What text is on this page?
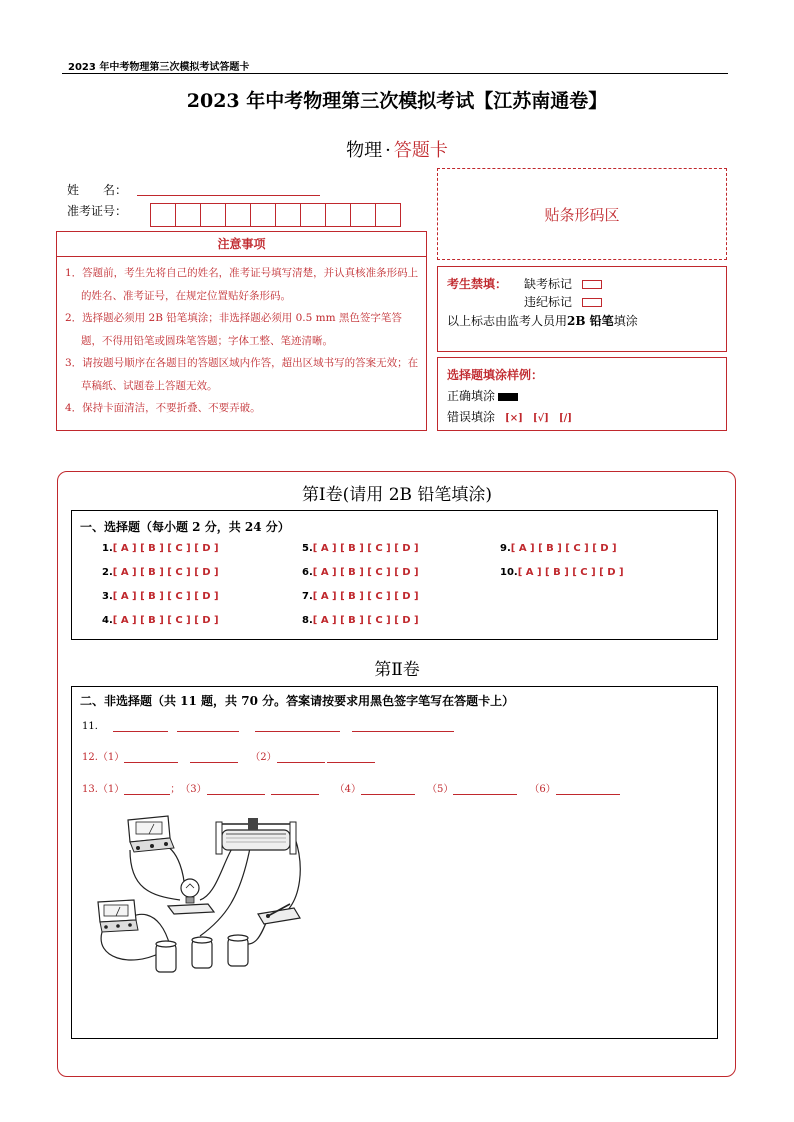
2023 年中考物理第三次模拟考试答题卡
2023 年中考物理第三次模拟考试【江苏南通卷】
物理 · 答题卡
姓　　名：
准考证号：	贴条形码区
注意事项
1．答题前，考生先将自己的姓名，准考证号填写清楚，并认真核准条形码上的姓名、准考证号，在规定位置贴好条形码。
2．选择题必须用 2B 铅笔填涂；非选择题必须用 0.5 mm 黑色签字笔答题，不得用铅笔或圆珠笔答题；字体工整、笔迹清晰。
3．请按题号顺序在各题目的答题区域内作答，超出区域书写的答案无效；在草稿纸、试题卷上答题无效。
4．保持卡面清洁，不要折叠、不要弄破。
考生禁填： 缺考标记
违纪标记
以上标志由监考人员用2B 铅笔填涂
选择题填涂样例：
正确填涂
错误填涂 [×] [√] [/]
第Ⅰ卷(请用 2B 铅笔填涂)
一、选择题（每小题 2 分，共 24 分）
1.[ A ] [ B ] [ C ] [ D ]
2.[ A ] [ B ] [ C ] [ D ]
3.[ A ] [ B ] [ C ] [ D ]
4.[ A ] [ B ] [ C ] [ D ]
5.[ A ] [ B ] [ C ] [ D ]
6.[ A ] [ B ] [ C ] [ D ]
7.[ A ] [ B ] [ C ] [ D ]
8.[ A ] [ B ] [ C ] [ D ]
9.[ A ] [ B ] [ C ] [ D ]
10.[ A ] [ B ] [ C ] [ D ]
第Ⅱ卷
二、非选择题（共 11 题，共 70 分。答案请按要求用黑色签字笔写在答题卡上）
11．
12. （1）	（2）
13. （1）	； （3）	（4）	（5）	（6）
